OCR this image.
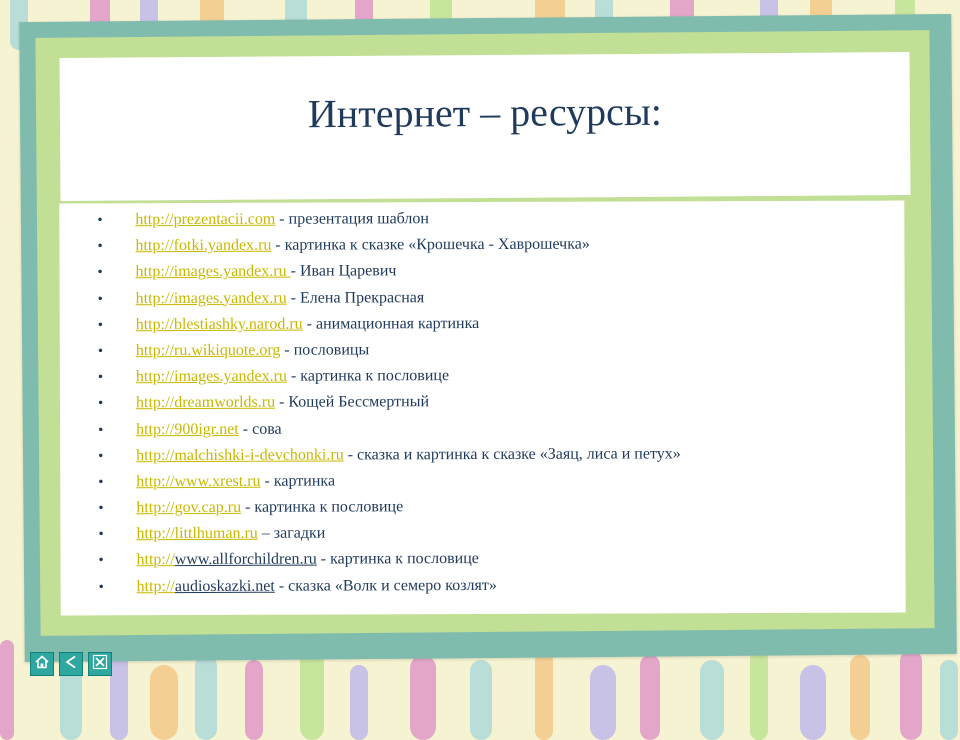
Интернет – ресурсы:
• http://prezentacii.com - презентация шаблон
• http://fotki.yandex.ru - картинка к сказке «Крошечка - Хаврошечка»
• http://images.yandex.ru - Иван Царевич
• http://images.yandex.ru - Елена Прекрасная
• http://blestiashky.narod.ru - анимационная картинка
• http://ru.wikiquote.org - пословицы
• http://images.yandex.ru - картинка к пословице
• http://dreamworlds.ru - Кощей Бессмертный
• http://900igr.net - сова
• http://malchishki-i-devchonki.ru - сказка и картинка к сказке «Заяц, лиса и петух»
• http://www.xrest.ru - картинка
• http://gov.cap.ru - картинка к пословице
• http://littlhuman.ru – загадки
• http://www.allforchildren.ru - картинка к пословице
• http://audioskazki.net - сказка «Волк и семеро козлят»
